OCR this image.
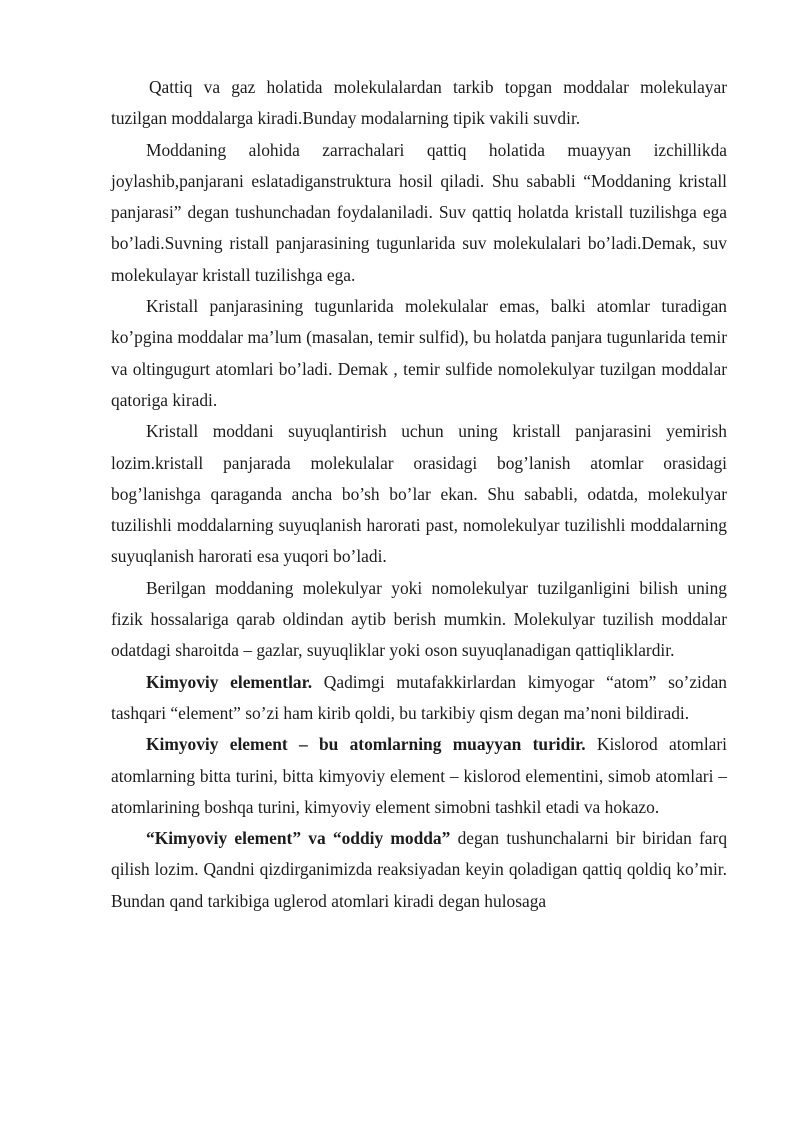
Qattiq va gaz holatida molekulalardan tarkib topgan moddalar molekulayar tuzilgan moddalarga kiradi.Bunday modalarning tipik vakili suvdir.

Moddaning alohida zarrachalari qattiq holatida muayyan izchillikda joylashib,panjarani eslatadiganstruktura hosil qiladi. Shu sababli “Moddaning kristall panjarasi” degan tushunchadan foydalaniladi. Suv qattiq holatda kristall tuzilishga ega bo’ladi.Suvning ristall panjarasining tugunlarida suv molekulalari bo’ladi.Demak, suv molekulayar kristall tuzilishga ega.

Kristall panjarasining tugunlarida molekulalar emas, balki atomlar turadigan ko’pgina moddalar ma’lum (masalan, temir sulfid), bu holatda panjara tugunlarida temir va oltingugurt atomlari bo’ladi. Demak , temir sulfide nomolekulyar tuzilgan moddalar qatoriga kiradi.

Kristall moddani suyuqlantirish uchun uning kristall panjarasini yemirish lozim.kristall panjarada molekulalar orasidagi bog’lanish atomlar orasidagi bog’lanishga qaraganda ancha bo’sh bo’lar ekan. Shu sababli, odatda, molekulyar tuzilishli moddalarning suyuqlanish harorati past, nomolekulyar tuzilishli moddalarning suyuqlanish harorati esa yuqori bo’ladi.

Berilgan moddaning molekulyar yoki nomolekulyar tuzilganligini bilish uning fizik hossalariga qarab oldindan aytib berish mumkin. Molekulyar tuzilish moddalar odatdagi sharoitda – gazlar, suyuqliklar yoki oson suyuqlanadigan qattiqliklardir.

Kimyoviy elementlar. Qadimgi mutafakkirlardan kimyogar “atom” so’zidan tashqari “element” so’zi ham kirib qoldi, bu tarkibiy qism degan ma’noni bildiradi.

Kimyoviy element – bu atomlarning muayyan turidir. Kislorod atomlari atomlarning bitta turini, bitta kimyoviy element – kislorod elementini, simob atomlari – atomlarining boshqa turini, kimyoviy element simobni tashkil etadi va hokazo.

“Kimyoviy element” va “oddiy modda” degan tushunchalarni bir biridan farq qilish lozim. Qandni qizdirganimizda reaksiyadan keyin qoladigan qattiq qoldiq ko’mir. Bundan qand tarkibiga uglerod atomlari kiradi degan hulosaga
